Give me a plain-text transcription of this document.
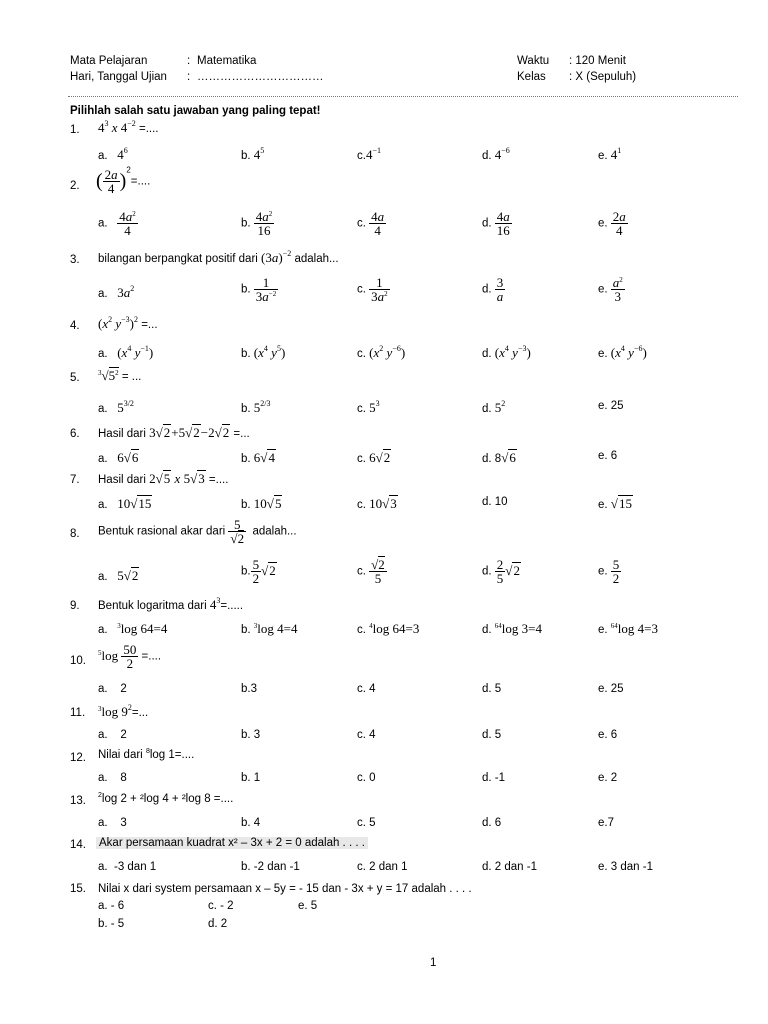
Mata Pelajaran	: Matematika
Hari, Tanggal Ujian : ……………………………
Waktu : 120 Menit
Kelas : X (Sepuluh)
Pilihlah salah satu jawaban yang paling tepat!
1. $4^3$ x $4^{-2}$ =....
a. $4^6$	b. $4^5$	$c.4^{-1}$	d. $4^{-6}$	e. $4^1$
2. ( $\frac{2a}{4} )^2=$....
a. $\frac{4a^2}{4}$	b. $\frac{4a^2}{16}$	c. $\frac{4a}{4}$	d. $\frac{4a}{16}$	e. $\frac{2a}{4}$
3. bilangan berpangkat positif dari $(3a)^{-2}$ adalah...
a. $3a^2$	b. $\frac{1}{3a^{-2}}$	c. $\frac{1}{3a^2}$	d. $\frac{3}{a}$	e. $\frac{a^2}{3}$
4. ($x^2$ $y^{-3})^2$ =...
a. ($x^4$ $y^{-1}$)	b. ($x^4$ $y^5$)	c. ($x^2$ $y^{-6}$)	d. ($x^4$ $y^{-3}$)	e. ($x^4$ $y^{-6}$)
5.	$^3√5^2$ = ...
a. $5^{3/2}$	b. $5^{2/3}$	c. $5^3$	d. $5^2$	e. 25
6. Hasil dari 3√2+5√2−2√2 =...
a. 6√6	b. 6√4	c. 6√2	d. 8√6	e. 6
7. Hasil dari 2√5 x 5√3 =....
a. 10√15	b. 10√5	c. 10√3	d. 10	e. √15
8. Bentuk rasional akar dari $\frac{5}{√2}$ adalah...
a. 5√2	b. $\frac{5}{2} √2$	c. $\frac{√2}{5}$	d. $\frac{2}{5} √2$	e. $\frac{5}{2}$
9. Bentuk logaritma dari $4^3=$.....
a. $^3$log 64=4	b. $^3$log 4=4	c. $^4$log 64=3	d. $^{64}$log 3=4	e. $^{64}$log 4=3
10.
$^5\log \frac{50}{2}$ =....
a. 2	b.3	c. 4	d. 5	e. 25
11. $^3$log $9^2=$...
a. 2	b. 3	c. 4	d. 5	e. 6
12. Nilai dari $^8$log 1=....
a. 8	b. 1	c. 0	d. -1	e. 2
13. $^2$log 2 + ²log 4 + ²log 8 =....
a. 3	b. 4	c. 5	d. 6	e.7
14. Akar persamaan kuadrat x² – 3x + 2 = 0 adalah . . . .
a. -3 dan 1	b. -2 dan -1	c. 2 dan 1	d. 2 dan -1	e. 3 dan -1
15. Nilai x dari system persamaan x – 5y = - 15 dan - 3x + y = 17 adalah . . . .
a. - 6	c. - 2	e. 5
b. - 5	d. 2
1
